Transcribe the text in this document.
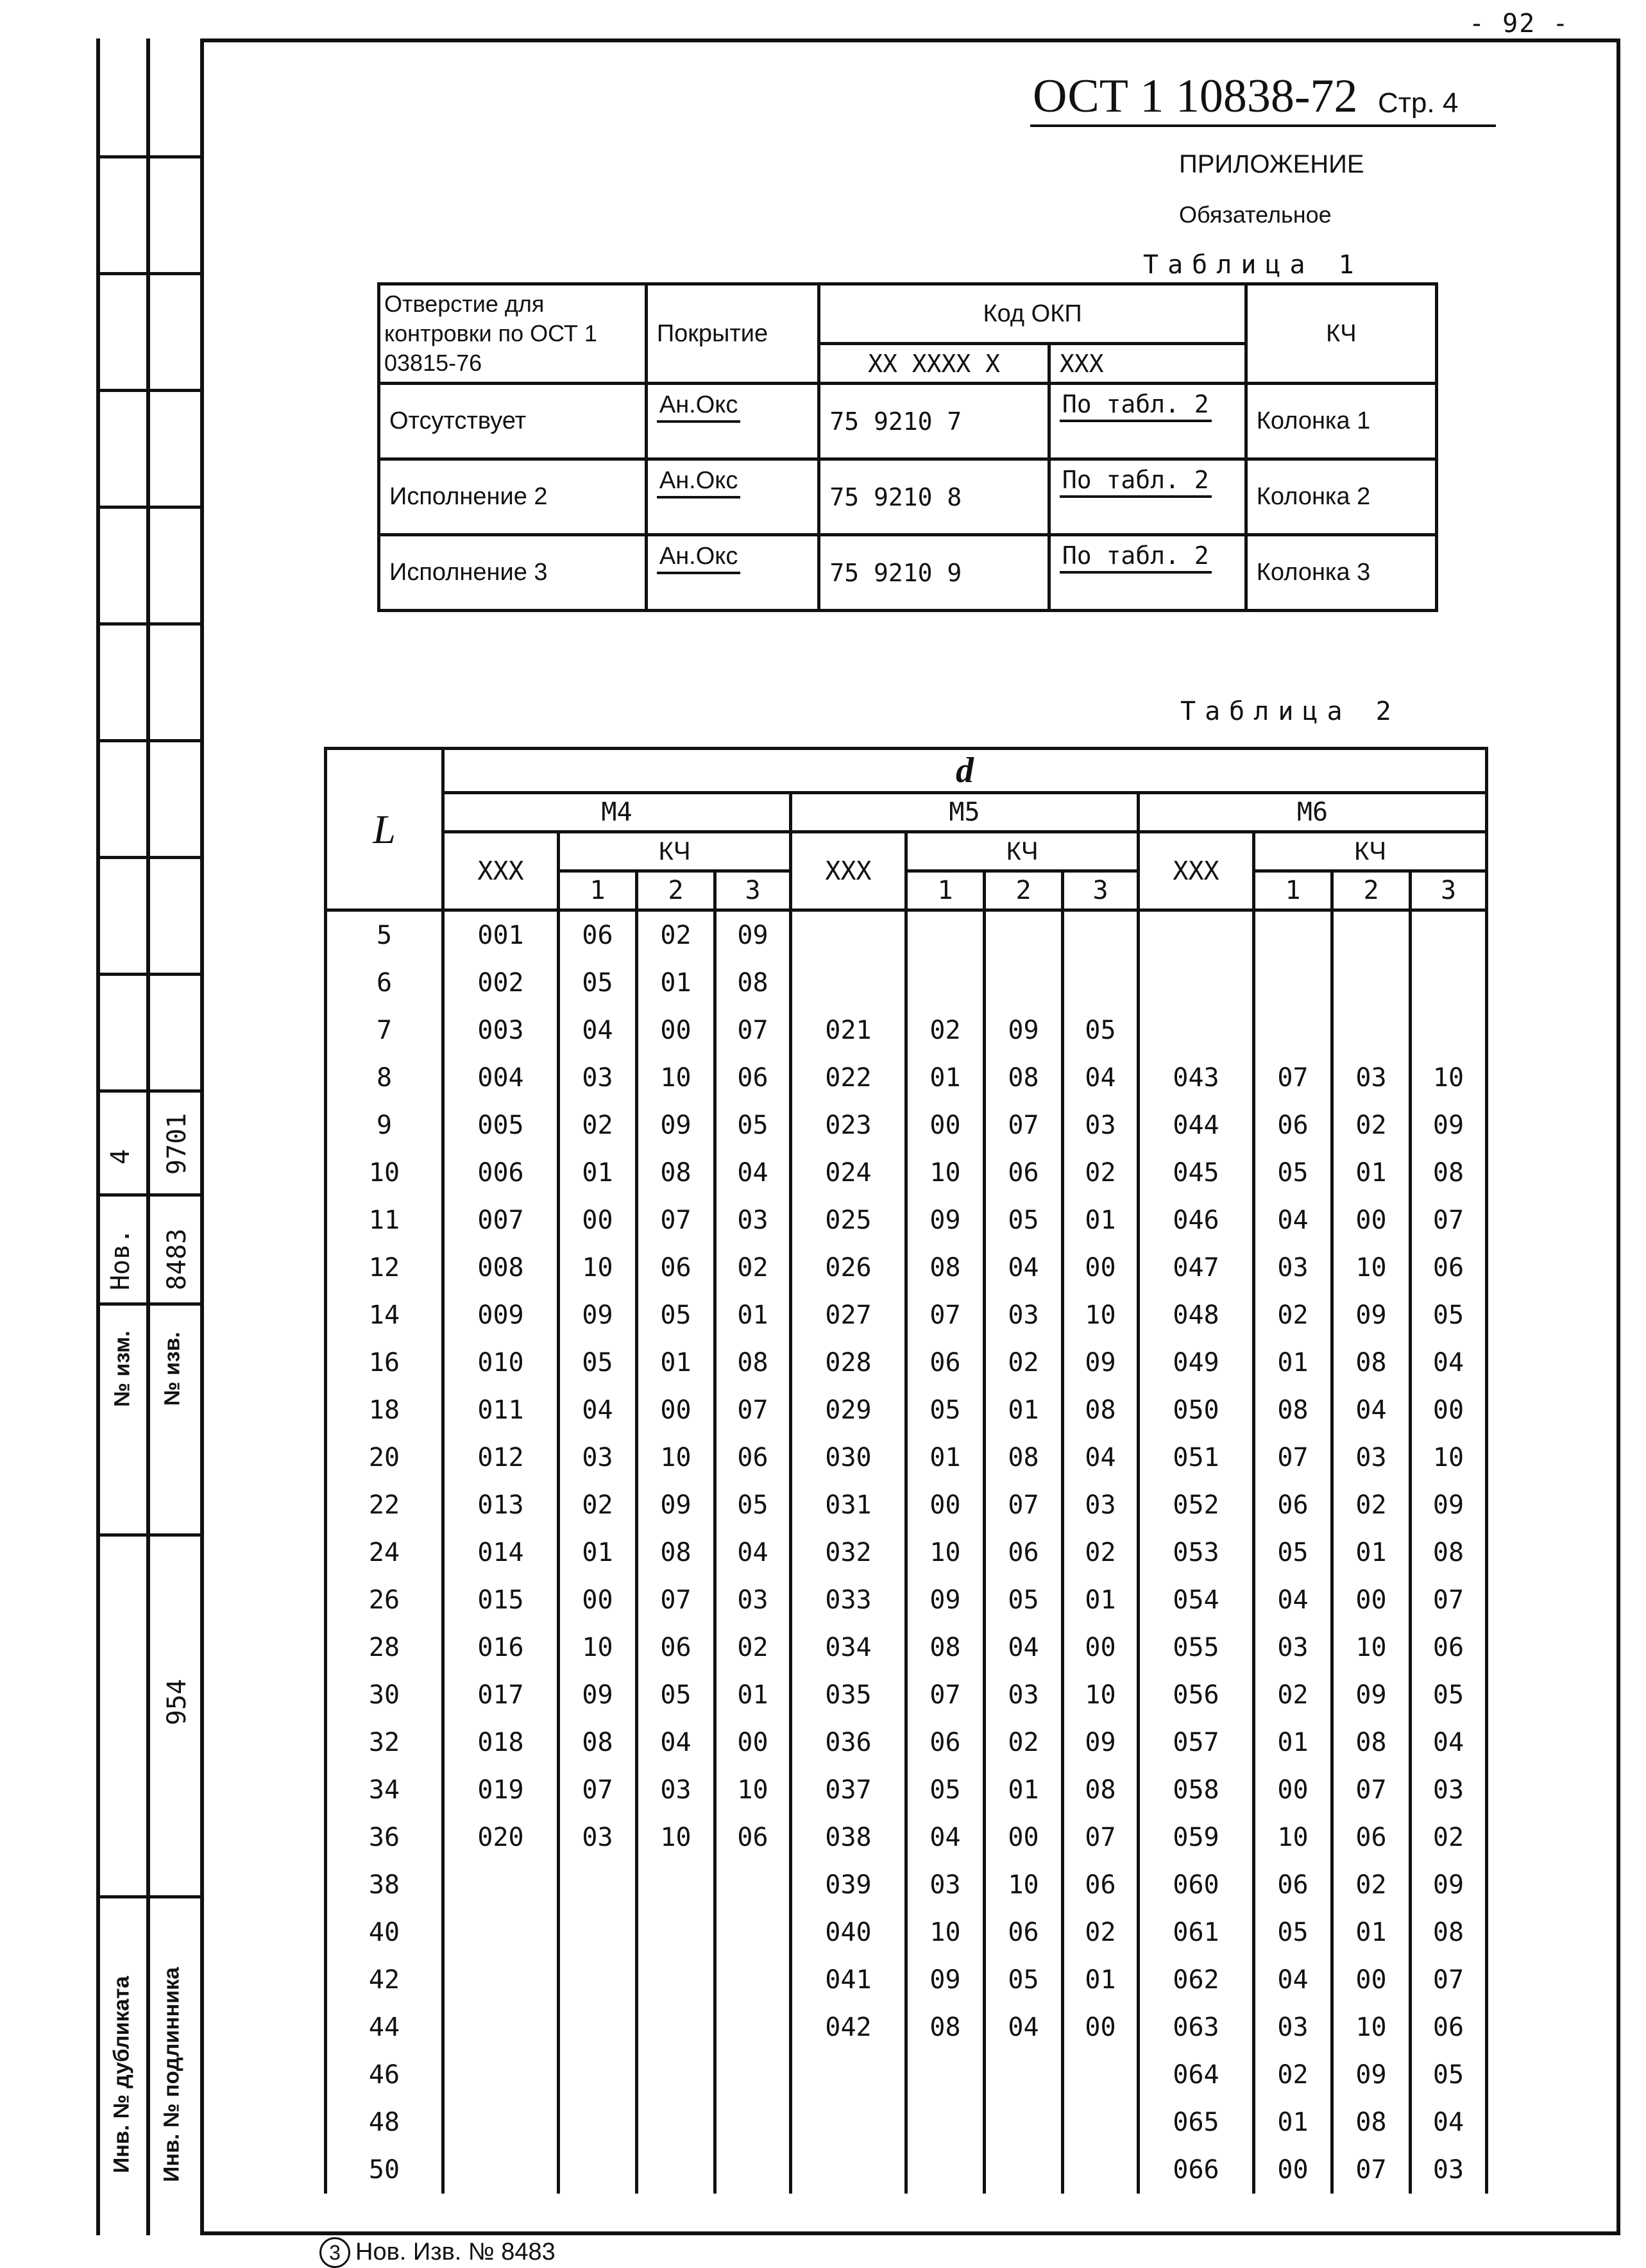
- 92 -
4 9701
Нов. 8483
954
№ изм. № изв.
Инв. № дубликата Инв. № подлинника
ОСТ 1 10838-72 Стр. 4
ПРИЛОЖЕНИЕ
Обязательное
Таблица 1
Отверстие для контровки по ОСТ 1 03815-76	Покрытие	Код ОКП		КЧ
		ХХ ХХХХ Х	ХХХ	
Отсутствует	Ан.Окс	75 9210 7	По табл. 2	Колонка 1
Исполнение 2	Ан.Окс	75 9210 8	По табл. 2	Колонка 2
Исполнение 3	Ан.Окс	75 9210 9	По табл. 2	Колонка 3
Таблица 2
L	d											
	М4				М5				М6			
	ХХХ	КЧ			ХХХ	КЧ			ХХХ	КЧ		
		1	2	3		1	2	3		1	2	3
5	001	06	02	09								
6	002	05	01	08								
7	003	04	00	07	021	02	09	05				
8	004	03	10	06	022	01	08	04	043	07	03	10
9	005	02	09	05	023	00	07	03	044	06	02	09
10	006	01	08	04	024	10	06	02	045	05	01	08
11	007	00	07	03	025	09	05	01	046	04	00	07
12	008	10	06	02	026	08	04	00	047	03	10	06
14	009	09	05	01	027	07	03	10	048	02	09	05
16	010	05	01	08	028	06	02	09	049	01	08	04
18	011	04	00	07	029	05	01	08	050	08	04	00
20	012	03	10	06	030	01	08	04	051	07	03	10
22	013	02	09	05	031	00	07	03	052	06	02	09
24	014	01	08	04	032	10	06	02	053	05	01	08
26	015	00	07	03	033	09	05	01	054	04	00	07
28	016	10	06	02	034	08	04	00	055	03	10	06
30	017	09	05	01	035	07	03	10	056	02	09	05
32	018	08	04	00	036	06	02	09	057	01	08	04
34	019	07	03	10	037	05	01	08	058	00	07	03
36	020	03	10	06	038	04	00	07	059	10	06	02
38					039	03	10	06	060	06	02	09
40					040	10	06	02	061	05	01	08
42					041	09	05	01	062	04	00	07
44					042	08	04	00	063	03	10	06
46									064	02	09	05
48									065	01	08	04
50									066	00	07	03
3 Нов. Изв. № 8483
